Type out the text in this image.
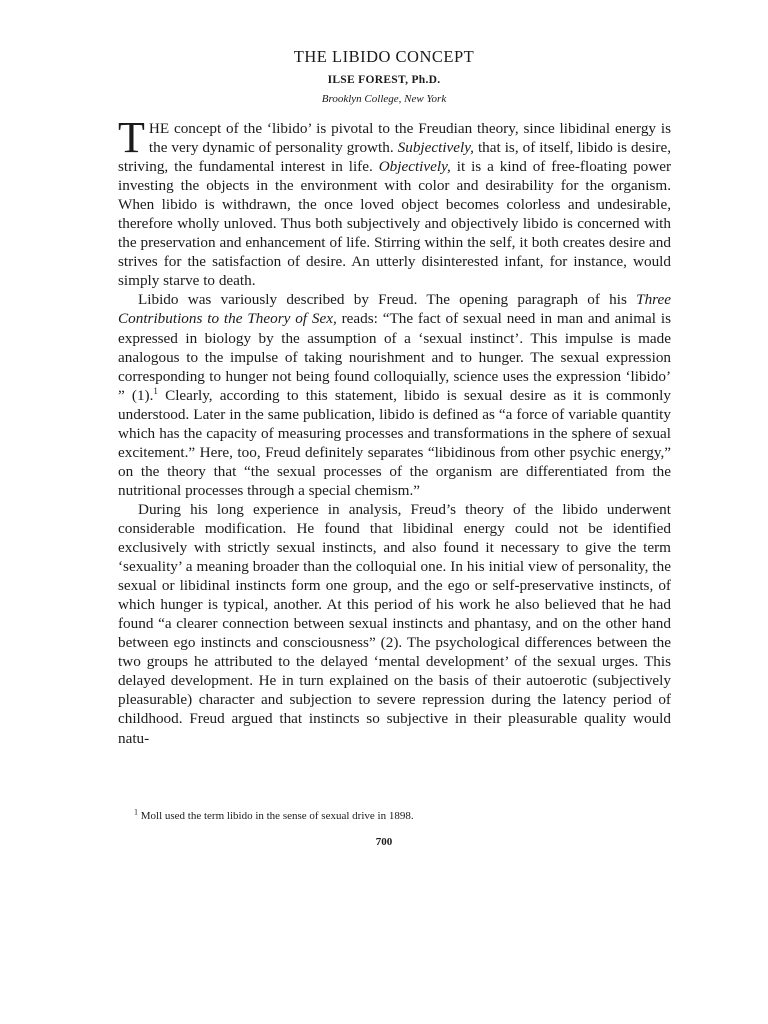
THE LIBIDO CONCEPT
ILSE FOREST, Ph.D.
Brooklyn College, New York

THE concept of the ‘libido’ is pivotal to the Freudian theory, since libidinal energy is the very dynamic of personality growth. Subjectively, that is, of itself, libido is desire, striving, the fundamental interest in life. Objectively, it is a kind of free-floating power investing the objects in the environment with color and desirability for the organism. When libido is withdrawn, the once loved object becomes colorless and undesirable, therefore wholly unloved. Thus both subjectively and objectively libido is concerned with the preservation and enhancement of life. Stirring within the self, it both creates desire and strives for the satisfaction of desire. An utterly disinterested infant, for instance, would simply starve to death.

Libido was variously described by Freud. The opening paragraph of his Three Contributions to the Theory of Sex, reads: “The fact of sexual need in man and animal is expressed in biology by the assumption of a ‘sexual instinct’. This impulse is made analogous to the impulse of taking nourishment and to hunger. The sexual expression corresponding to hunger not being found colloquially, science uses the expression ‘libido’ ” (1).$^1$ Clearly, according to this statement, libido is sexual desire as it is commonly understood. Later in the same publication, libido is defined as “a force of variable quantity which has the capacity of measuring processes and transformations in the sphere of sexual excitement.” Here, too, Freud definitely separates “libidinous from other psychic energy,” on the theory that “the sexual processes of the organism are differentiated from the nutritional processes through a special chemism.”

During his long experience in analysis, Freud’s theory of the libido underwent considerable modification. He found that libidinal energy could not be identified exclusively with strictly sexual instincts, and also found it necessary to give the term ‘sexuality’ a meaning broader than the colloquial one. In his initial view of personality, the sexual or libidinal instincts form one group, and the ego or self-preservative instincts, of which hunger is typical, another. At this period of his work he also believed that he had found “a clearer connection between sexual instincts and phantasy, and on the other hand between ego instincts and consciousness” (2). The psychological differences between the two groups he attributed to the delayed ‘mental development’ of the sexual urges. This delayed development. He in turn explained on the basis of their autoerotic (subjectively pleasurable) character and subjection to severe repression during the latency period of childhood. Freud argued that instincts so subjective in their pleasurable quality would natu-

$^1$ Moll used the term libido in the sense of sexual drive in 1898.
700
